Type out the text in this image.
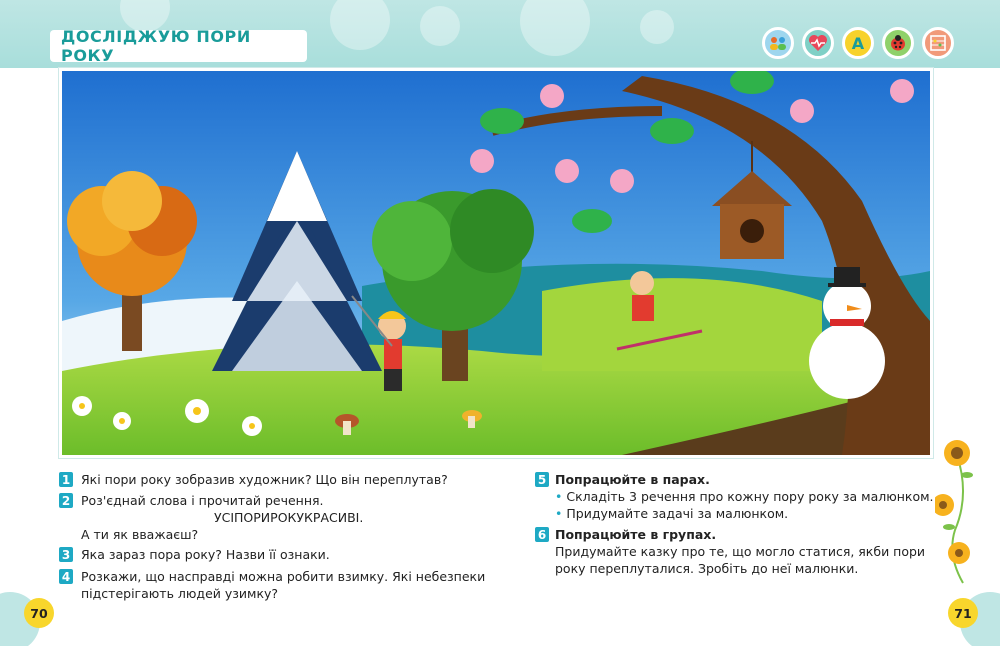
ДОСЛІДЖУЮ ПОРИ РОКУ
A
1 Які пори року зобразив художник? Що він переплутав?
2 Роз'єднай слова і прочитай речення.
УСІПОРИРОКУКРАСИВІ.
А ти як вважаєш?
3 Яка зараз пора року? Назви її ознаки.
4 Розкажи, що насправді можна робити взимку. Які небезпеки
підстерігають людей узимку?
5 Попрацюйте в парах.
• Складіть 3 речення про кожну пору року за малюнком.
• Придумайте задачі за малюнком.
6 Попрацюйте в групах.
Придумайте казку про те, що могло статися, якби пори
року переплуталися. Зробіть до неї малюнки.
70	71
